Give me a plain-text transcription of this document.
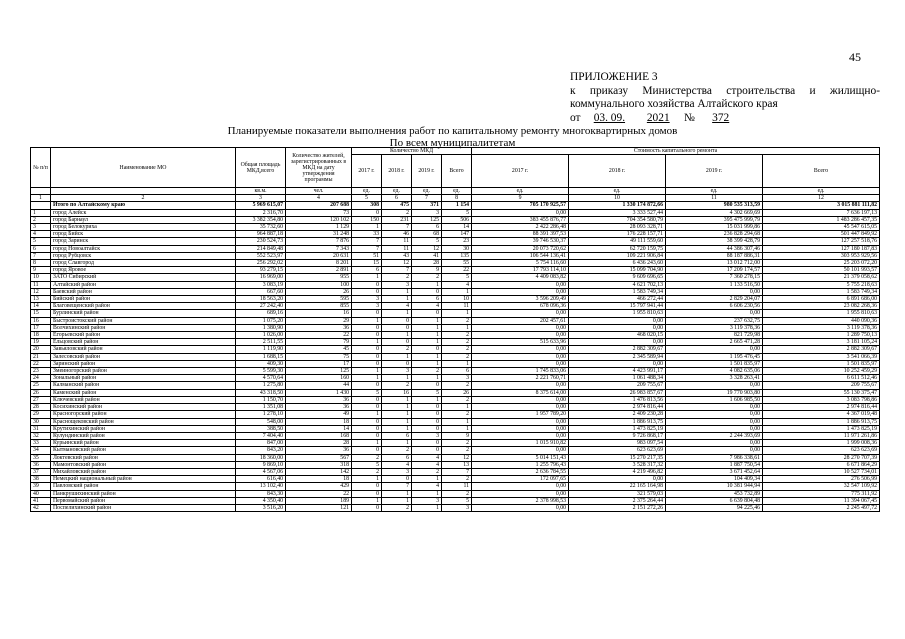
45
ПРИЛОЖЕНИЕ 3
к приказу Министерства строительства и жилищно-
коммунального хозяйства Алтайского края
от 03. 09. 2021 № 372
Планируемые показатели выполнения работ по капитальному ремонту многоквартирных домов
По всем муниципалитетам
№ п/п	Наименование МО	Общая площадь МКД,всего	Количество жителей, зарегистрированных в МКД на дату утверждения программы	Количество МКД				Стоимость капитального ремонта			
				2017 г.	2018 г.	2019 г.	Всего	2017 г.	2018 г.	2019 г.	Всего
		кв.м.	чел.	ед.	ед.	ед.	ед.	ед.	ед.	ед.	ед.
1	2	3	4	5	6	7	8	9	10	11	12
	Итого по Алтайскому краю	5 969 615,07	207 688	308	475	371	1 154	705 170 925,57	1 330 174 872,66	980 535 313,59	3 015 881 111,82
1	город Алейск	2 316,70	73	0	2	3	5	0,00	3 333 527,44	4 302 669,69	7 636 197,13
2	город Барнаул	3 382 354,80	120 102	150	231	125	506	383 455 876,77	704 354 580,79	395 475 999,79	1 483 286 457,35
3	город Белокуриха	35 732,60	1 129	1	7	6	14	2 422 286,48	28 093 328,71	15 031 999,86	45 547 615,05
4	город Бийск	964 887,18	31 248	33	46	68	147	88 391 397,53	176 228 157,71	236 828 294,68	501 447 849,92
5	город Заринск	230 524,73	7 876	7	11	5	23	39 746 530,37	49 111 559,60	38 399 428,79	127 257 518,76
6	город Новоалтайск	214 849,48	7 343	7	11	12	30	20 073 720,62	62 720 159,75	44 386 307,46	127 180 187,83
7	город Рубцовск	552 523,97	20 631	51	43	41	135	106 544 136,41	109 221 906,84	88 187 886,31	303 953 929,56
8	город Славгород	256 292,02	8 201	15	12	28	55	5 754 116,60	6 436 243,60	13 012 712,00	25 203 072,20
9	город Яровое	93 279,15	2 891	6	7	9	22	17 793 114,10	15 099 704,90	17 209 174,57	50 101 993,57
10	ЗАТО Сибирский	16 969,00	955	1	2	2	5	4 409 083,82	9 609 696,65	7 360 278,15	21 379 058,62
11	Алтайский район	3 083,19	100	0	3	1	4	0,00	4 621 702,13	1 133 516,50	5 755 218,63
12	Баевский район	667,60	26	0	1	0	1	0,00	1 583 749,34	0,00	1 583 749,34
13	Бийский район	18 563,20	595	3	1	6	10	3 596 209,49	466 272,44	2 829 204,07	6 891 686,00
14	Благовещенский район	27 242,40	855	3	4	4	11	678 096,36	15 797 941,44	6 606 230,56	23 082 268,36
15	Бурлинский район	689,16	16	0	1	0	1	0,00	1 955 810,63	0,00	1 955 810,63
16	Быстроистокский район	1 075,20	29	1	0	1	2	202 457,61	0,00	237 632,75	440 090,36
17	Волчихинский район	1 380,90	36	0	0	1	1	0,00	0,00	3 119 378,36	3 119 378,36
18	Егорьевский район	1 026,00	22	0	1	1	2	0,00	468 020,15	821 729,98	1 289 750,13
19	Ельцовский район	2 511,55	79	1	0	1	2	515 633,96	0,00	2 665 471,28	3 181 105,24
20	Завьяловский район	1 119,90	45	0	2	0	2	0,00	2 882 309,67	0,00	2 882 309,67
21	Залесовский район	1 688,15	75	0	1	1	2	0,00	2 345 589,94	1 195 476,45	3 541 066,39
22	Заринский район	409,30	17	0	0	1	1	0,00	0,00	1 501 835,97	1 501 835,97
23	Змеиногорский район	5 599,30	125	1	3	2	6	1 745 833,06	4 423 991,17	4 082 635,06	10 252 459,29
24	Зональный район	4 570,64	160	1	1	1	3	2 221 760,71	1 061 488,34	3 328 263,41	6 611 512,46
25	Калманский район	1 275,80	44	0	2	0	2	0,00	209 755,67	0,00	209 755,67
26	Каменский район	43 318,50	1 430	5	16	5	26	8 375 614,00	26 983 857,67	19 770 903,80	55 130 375,47
27	Ключевский район	1 150,70	36	0	1	1	2	0,00	1 476 813,56	1 606 985,50	3 083 798,86
28	Косихинский район	1 351,08	36	0	1	0	1	0,00	2 974 816,44	0,00	2 974 816,44
29	Красногорский район	1 278,10	49	1	1	0	2	1 957 789,20	2 409 230,28	0,00	4 367 019,48
30	Краснощековский район	548,00	18	0	1	0	1	0,00	1 886 913,75	0,00	1 886 913,75
31	Крутихинский район	388,50	14	0	1	0	1	0,00	1 473 825,19	0,00	1 473 825,19
32	Кулундинский район	7 404,40	168	0	6	3	9	0,00	9 726 868,17	2 244 393,69	11 971 261,86
33	Курьинский район	847,00	28	1	1	0	2	1 015 910,82	983 097,54	0,00	1 999 008,36
34	Кытмановский район	843,20	36	0	2	0	2	0,00	623 623,69	0,00	623 623,69
35	Локтевский район	18 360,00	567	2	6	4	12	5 014 151,43	15 270 217,35	7 986 338,61	28 270 707,39
36	Мамонтовский район	9 869,10	318	5	4	4	13	1 255 796,43	3 528 317,32	1 887 750,54	6 671 864,29
37	Михайловский район	4 567,06	142	2	3	2	7	2 636 784,55	4 219 496,82	3 671 452,64	10 527 734,01
38	Немецкий национальный район	616,40	18	1	0	1	2	172 097,65	0,00	104 409,34	276 506,99
39	Павловский район	13 102,40	429	0	7	4	11	0,00	22 165 164,98	10 381 944,94	32 547 109,92
40	Панкрушихинский район	843,30	22	0	1	1	2	0,00	321 579,03	453 732,89	775 311,92
41	Первомайский район	4 350,40	189	1	1	3	5	2 378 998,53	2 375 264,44	6 639 804,48	11 394 067,45
42	Поспелихинский район	3 516,20	121	0	2	1	3	0,00	2 151 272,26	94 225,46	2 245 497,72
